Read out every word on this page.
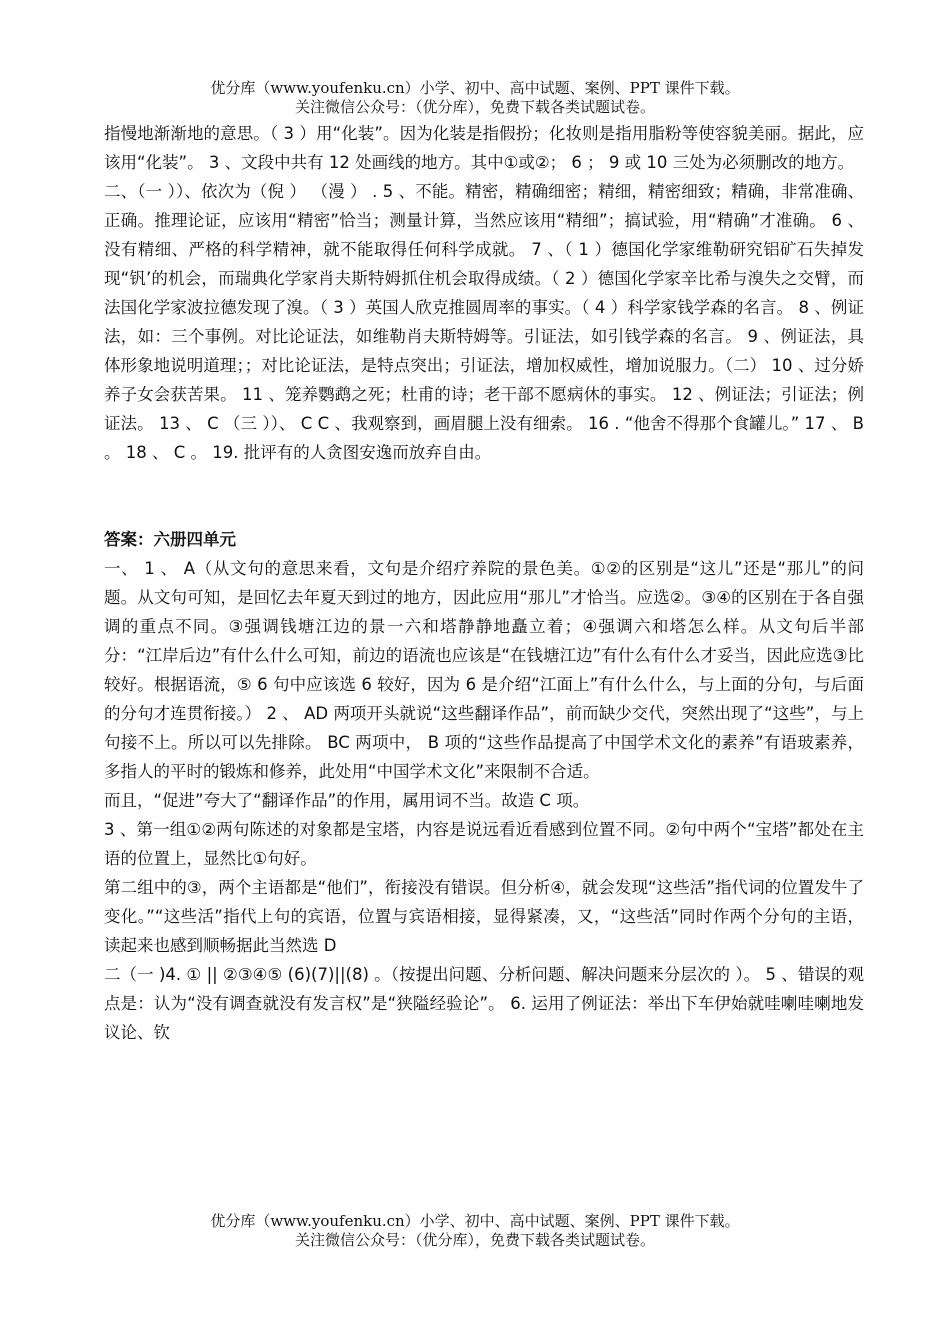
优分库（www.youfenku.cn）小学、初中、高中试题、案例、PPT 课件下载。
关注微信公众号：（优分库），免费下载各类试题试卷。

指慢地渐渐地的意思。（ 3 ）用“化装”。因为化装是指假扮；化妆则是指用脂粉等使容貌美丽。据此，应该用“化装”。 3 、文段中共有 12 处画线的地方。其中①或②； 6 ； 9 或 10 三处为必须删改的地方。

二、（一 ））、依次为（倪 ） （漫 ） . 5 、不能。精密，精确细密；精细，精密细致；精确，非常准确、正确。推理论证，应该用“精密”恰当；测量计算，当然应该用“精细”；搞试验，用“精确”才准确。 6 、没有精细、严格的科学精神，就不能取得任何科学成就。 7 、（ 1 ）德国化学家维勒研究铝矿石失掉发现“钒’的机会，而瑞典化学家肖夫斯特姆抓住机会取得成绩。（ 2 ）德国化学家辛比希与溴失之交臂，而法国化学家波拉德发现了溴。（ 3 ）英国人欣克推圆周率的事实。（ 4 ）科学家钱学森的名言。 8 、例证法，如：三个事例。对比论证法，如维勒肖夫斯特姆等。引证法，如引钱学森的名言。 9 、例证法，具体形象地说明道理；；对比论证法，是特点突出；引证法，增加权威性，增加说服力。（二） 10 、过分娇养子女会获苦果。 11 、笼养鹦鹉之死；杜甫的诗；老干部不愿病休的事实。 12 、例证法；引证法；例证法。 13 、 C （三 ））、 C C 、我观察到，画眉腿上没有细索。 16 . “他舍不得那个食罐儿。” 17 、 B 。 18 、 C 。 19. 批评有的人贪图安逸而放弃自由。

答案：六册四单元

一、 1 、 A（从文句的意思来看，文句是介绍疗养院的景色美。①②的区别是“这儿”还是“那儿”的问题。从文句可知，是回忆去年夏天到过的地方，因此应用“那儿”才恰当。应选②。③④的区别在于各自强调的重点不同。③强调钱塘江边的景一六和塔静静地矗立着；④强调六和塔怎么样。从文句后半部分：“江岸后边”有什么什么可知，前边的语流也应该是“在钱塘江边”有什么有什么才妥当，因此应选③比较好。根据语流，⑤ 6 句中应该选 6 较好，因为 6 是介绍“江面上”有什么什么，与上面的分句，与后面的分句才连贯衔接。） 2 、 AD 两项开头就说“这些翻译作品”，前而缺少交代，突然出现了“这些”，与上句接不上。所以可以先排除。 BC 两项中， B 项的“这些作品提高了中国学术文化的素养”有语玻素养，多指人的平时的锻炼和修养，此处用“中国学术文化”来限制不合适。

而且，“促进”夸大了“翻译作品”的作用，属用词不当。故造 C 项。

3 、第一组①②两句陈述的对象都是宝塔，内容是说远看近看感到位置不同。②句中两个“宝塔”都处在主语的位置上，显然比①句好。

第二组中的③，两个主语都是“他们”，衔接没有错误。但分析④，就会发现“这些活”指代词的位置发牛了变化。”“这些活”指代上句的宾语，位置与宾语相接，显得紧凑，又，“这些活”同时作两个分句的主语，读起来也感到顺畅据此当然选 D

二（一 )4. ① || ②③④⑤ (6)(7)||(8) 。（按提出问题、分析问题、解决问题来分层次的 ）。 5 、错误的观点是：认为“没有调查就没有发言权”是“狭隘经验论”。 6. 运用了例证法：举出下车伊始就哇喇哇喇地发议论、钦

优分库（www.youfenku.cn）小学、初中、高中试题、案例、PPT 课件下载。
关注微信公众号：（优分库），免费下载各类试题试卷。
